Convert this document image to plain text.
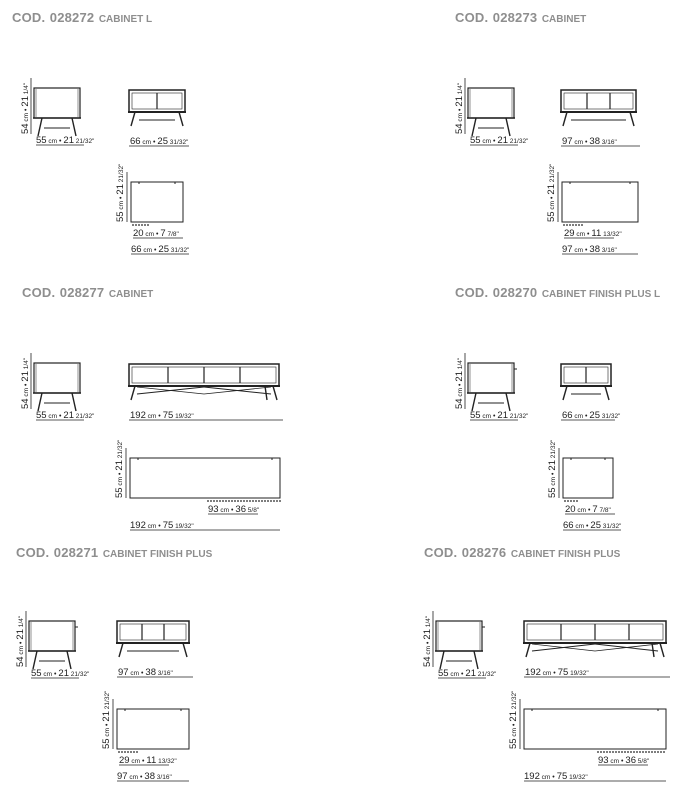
COD. 028272 CABINET L	COD. 028273 CABINET
COD. 028277 CABINET	COD. 028270 CABINET FINISH PLUS L
COD. 028271 CABINET FINISH PLUS	COD. 028276 CABINET FINISH PLUS
54 cm • 21 1/4"
55 cm • 21 21/32"	66 cm • 25 31/32"
55 cm • 21 21/32"
20 cm • 7 7/8"
66 cm • 25 31/32"
54 cm • 21 1/4"
55 cm • 21 21/32"	97 cm • 38 3/16"
55 cm • 21 21/32"
29 cm • 11 13/32"
97 cm • 38 3/16"
54 cm • 21 1/4"
55 cm • 21 21/32"	192 cm • 75 19/32"
55 cm • 21 21/32"
93 cm • 36 5/8"
192 cm • 75 19/32"
54 cm • 21 1/4"
55 cm • 21 21/32"	66 cm • 25 31/32"
55 cm • 21 21/32"
20 cm • 7 7/8"
66 cm • 25 31/32"
54 cm • 21 1/4"
55 cm • 21 21/32"	97 cm • 38 3/16"
55 cm • 21 21/32"
29 cm • 11 13/32"
97 cm • 38 3/16"
54 cm • 21 1/4"
55 cm • 21 21/32"	192 cm • 75 19/32"
55 cm • 21 21/32"
93 cm • 36 5/8"
192 cm • 75 19/32"
